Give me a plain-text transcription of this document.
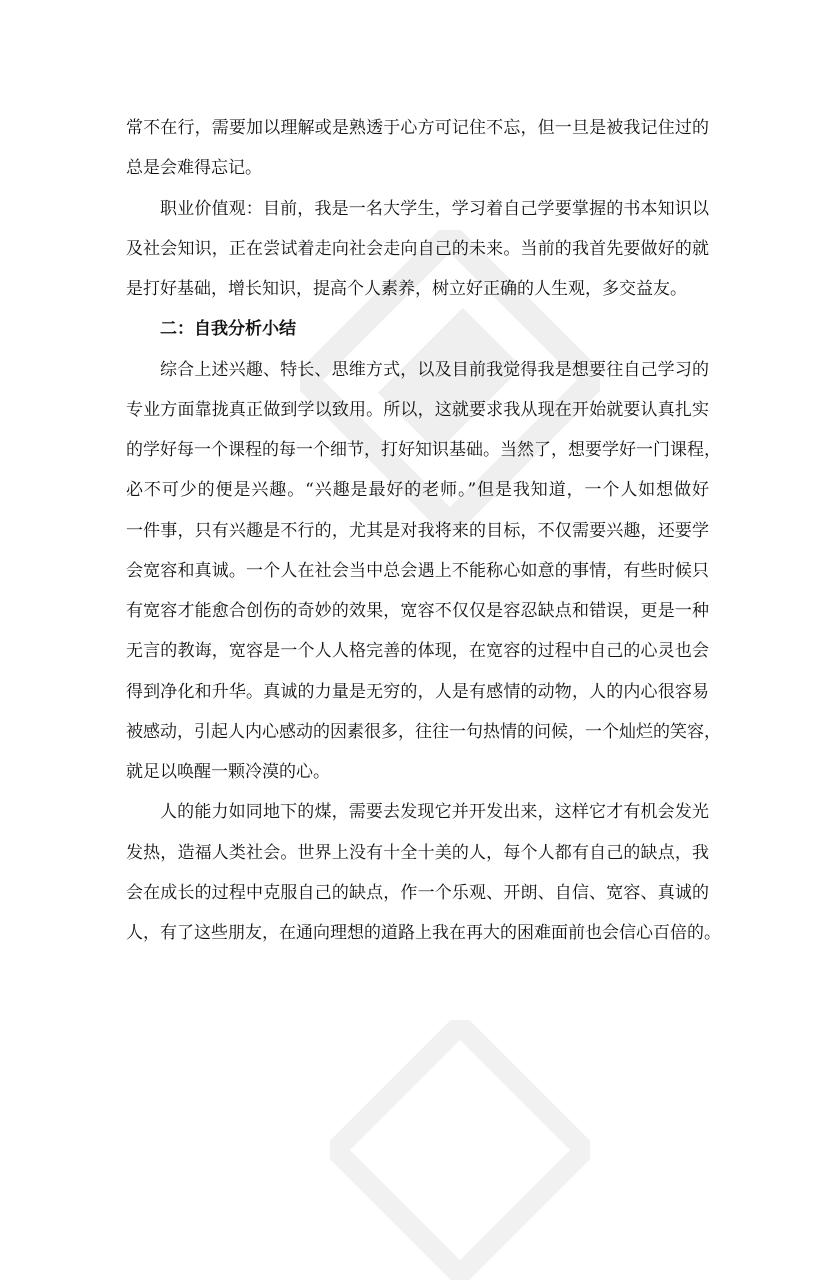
常不在行，需要加以理解或是熟透于心方可记住不忘，但一旦是被我记住过的
总是会难得忘记。
职业价值观：目前，我是一名大学生，学习着自己学要掌握的书本知识以
及社会知识，正在尝试着走向社会走向自己的未来。当前的我首先要做好的就
是打好基础，增长知识，提高个人素养，树立好正确的人生观，多交益友。
二：自我分析小结
综合上述兴趣、特长、思维方式，以及目前我觉得我是想要往自己学习的
专业方面靠拢真正做到学以致用。所以，这就要求我从现在开始就要认真扎实
的学好每一个课程的每一个细节，打好知识基础。当然了，想要学好一门课程，
必不可少的便是兴趣。“兴趣是最好的老师。”但是我知道，一个人如想做好
一件事，只有兴趣是不行的，尤其是对我将来的目标，不仅需要兴趣，还要学
会宽容和真诚。一个人在社会当中总会遇上不能称心如意的事情，有些时候只
有宽容才能愈合创伤的奇妙的效果，宽容不仅仅是容忍缺点和错误，更是一种
无言的教诲，宽容是一个人人格完善的体现，在宽容的过程中自己的心灵也会
得到净化和升华。真诚的力量是无穷的，人是有感情的动物，人的内心很容易
被感动，引起人内心感动的因素很多，往往一句热情的问候，一个灿烂的笑容，
就足以唤醒一颗冷漠的心。
人的能力如同地下的煤，需要去发现它并开发出来，这样它才有机会发光
发热，造福人类社会。世界上没有十全十美的人，每个人都有自己的缺点，我
会在成长的过程中克服自己的缺点，作一个乐观、开朗、自信、宽容、真诚的
人，有了这些朋友，在通向理想的道路上我在再大的困难面前也会信心百倍的。
